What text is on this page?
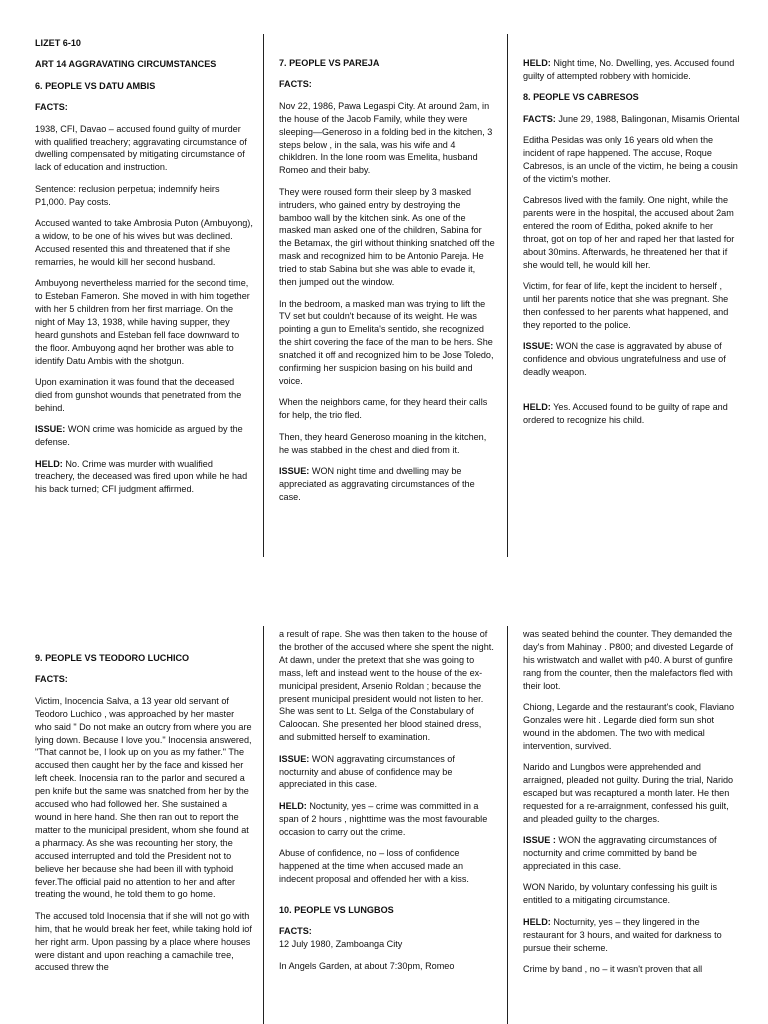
LIZET 6-10

ART 14 AGGRAVATING CIRCUMSTANCES

6. PEOPLE VS DATU AMBIS

FACTS:

1938, CFI, Davao – accused found guilty of murder with qualified treachery; aggravating circumstance of dwelling compensated by mitigating circumstance of lack of education and instruction.

Sentence: reclusion perpetua; indemnify heirs P1,000. Pay costs.

Accused wanted to take Ambrosia Puton (Ambuyong), a widow, to be one of his wives but was declined. Accused resented this and threatened that if she remarries, he would kill her second husband.

Ambuyong nevertheless married for the second time, to Esteban Fameron. She moved in with him together with her 5 children from her first marriage. On the night of May 13, 1938, while having supper, they heard gunshots and Esteban fell face downward to the floor. Ambuyong aqnd her brother was able to identify Datu Ambis with the shotgun.

Upon examination it was found that the deceased died from gunshot wounds that penetrated from the behind.

ISSUE: WON crime was homicide as argued by the defense.

HELD: No. Crime was murder with wualified treachery, the deceased was fired upon while he had his back turned; CFI judgment affirmed.

7. PEOPLE VS PAREJA

FACTS:

Nov 22, 1986, Pawa Legaspi City. At around 2am, in the house of the Jacob Family, while they were sleeping—Generoso in a folding bed in the kitchen, 3 steps below , in the sala, was his wife and 4 chikldren. In the lone room was Emelita, husband Romeo and their baby.

They were roused form their sleep by 3 masked intruders, who gained entry by destroying the bamboo wall by the kitchen sink. As one of the masked man asked one of the children, Sabina for the Betamax, the girl without thinking snatched off the mask and recognized him to be Antonio Pareja. He tried to stab Sabina but she was able to evade it, then jumped out the window.

In the bedroom, a masked man was trying to lift the TV set but couldn't because of its weight. He was pointing a gun to Emelita's sentido, she recognized the shirt covering the face of the man to be hers. She snatched it off and recognized him to be Jose Toledo, confirming her suspicion basing on his build and voice.

When the neighbors came, for they heard their calls for help, the trio fled.

Then, they heard Generoso moaning in the kitchen, he was stabbed in the chest and died from it.

ISSUE: WON night time and dwelling may be appreciated as aggravating circumstances of the case.

HELD: Night time, No. Dwelling, yes. Accused found guilty of attempted robbery with homicide.

8. PEOPLE VS CABRESOS

FACTS: June 29, 1988, Balingonan, Misamis Oriental

Editha Pesidas was only 16 years old when the incident of rape happened. The accuse, Roque Cabresos, is an uncle of the victim, he being a cousin of the victim's mother.

Cabresos lived with the family. One night, while the parents were in the hospital, the accused about 2am entered the room of Editha, poked aknife to her throat, got on top of her and raped her that lasted for about 30mins. Afterwards, he threatened her that if she would tell, he would kill her.

Victim, for fear of life, kept the incident to herself , until her parents notice that she was pregnant. She then confessed to her parents what happened, and they reported to the police.

ISSUE: WON the case is aggravated by abuse of confidence and obvious ungratefulness and use of deadly weapon.

HELD: Yes. Accused found to be guilty of rape and ordered to recognize his child.

9. PEOPLE VS TEODORO LUCHICO

FACTS:

Victim, Inocencia Salva, a 13 year old servant of Teodoro Luchico , was approached by her master who said " Do not make an outcry from where you are lying down. Because I love you." Inocensia answered, "That cannot be, I look up on you as my father." The accused then caught her by the face and kissed her left cheek. Inocensia ran to the parlor and secured a pen knife but the same was snatched from her by the accused who had followed her. She sustained a wound in here hand. She then ran out to report the matter to the municipal president, whom she found at a pharmacy. As she was recounting her story, the accused interrupted and told the President not to believe her because she had been ill with typhoid fever.The official paid no attention to her and after treating the wound, he told them to go home.

The accused told Inocensia that if she will not go with him, that he would break her feet, while taking hold iof her right arm. Upon passing by a place where houses were distant and upon reaching a camachile tree, accused threw the

a result of rape. She was then taken to the house of the brother of the accused where she spent the night. At dawn, under the pretext that she was going to mass, left and instead went to the house of the ex-municipal president, Arsenio Roldan ; because the present municipal president would not listen to her. She was sent to Lt. Selga of the Constabulary of Caloocan. She presented her blood stained dress, and submitted herself to examination.

ISSUE: WON aggravating circumstances of nocturnity and abuse of confidence may be appreciated in this case.

HELD: Noctunity, yes – crime was committed in a span of 2 hours , nighttime was the most favourable occasion to carry out the crime.

Abuse of confidence, no – loss of confidence happened at the time when accused made an indecent proposal and offended her with a kiss.

10. PEOPLE VS LUNGBOS

FACTS:

12 July 1980, Zamboanga City

In Angels Garden, at about 7:30pm, Romeo

was seated behind the counter. They demanded the day's from Mahinay . P800; and divested Legarde of his wristwatch and wallet with p40. A burst of gunfire rang from the counter, then the malefactors fled with their loot.

Chiong, Legarde and the restaurant's cook, Flaviano Gonzales were hit . Legarde died form sun shot wound in the abdomen. The two with medical intervention, survived.

Narido and Lungbos were apprehended and arraigned, pleaded not guilty. During the trial, Narido escaped but was recaptured a month later. He then requested for a re-arraignment, confessed his guilt, and pleaded guilty to the charges.

ISSUE : WON the aggravating circumstances of nocturnity and crime committed by band be appreciated in this case.

WON Narido, by voluntary confessing his guilt is entitled to a mitigating circumstance.

HELD: Nocturnity, yes – they lingered in the restaurant for 3 hours, and waited for darkness to pursue their scheme.

Crime by band , no – it wasn't proven that all
